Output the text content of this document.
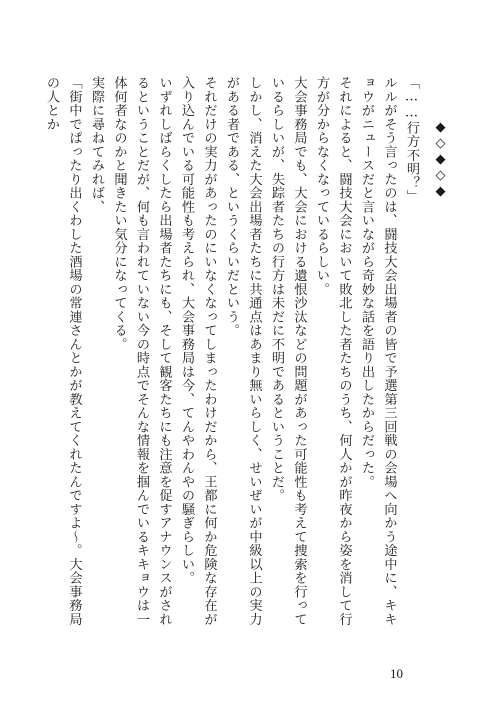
◆◇◆◇◆

「……行方不明？」

ルルがそう言ったのは、闘技大会出場者の皆で予選第三回戦の会場へ向かう途中に、キキョウがニュースだと言いながら奇妙な話を語り出したからだった。

それによると、闘技大会において敗北した者たちのうち、何人かが昨夜から姿を消して行方が分からなくなっているらしい。

大会事務局でも、大会における遺恨沙汰などの問題があった可能性も考えて捜索を行っているらしいが、失踪者たちの行方は未だに不明であるということだ。

しかし、消えた大会出場者たちに共通点はあまり無いらしく、せいぜいが中級以上の実力がある者である、というくらいだという。

それだけの実力があったのにいなくなってしまったわけだから、王都に何か危険な存在が入り込んでいる可能性も考えられ、大会事務局は今、てんやわんやの騒ぎらしい。

いずれしばらくしたら出場者たちにも、そして観客たちにも注意を促すアナウンスがされるということだが、何も言われていない今の時点でそんな情報を掴んでいるキキョウは一体何者なのかと聞きたい気分になってくる。

実際に尋ねてみれば、

「街中でぱったり出くわした酒場の常連さんとかが教えてくれたんですよ～。大会事務局の人とか

10
